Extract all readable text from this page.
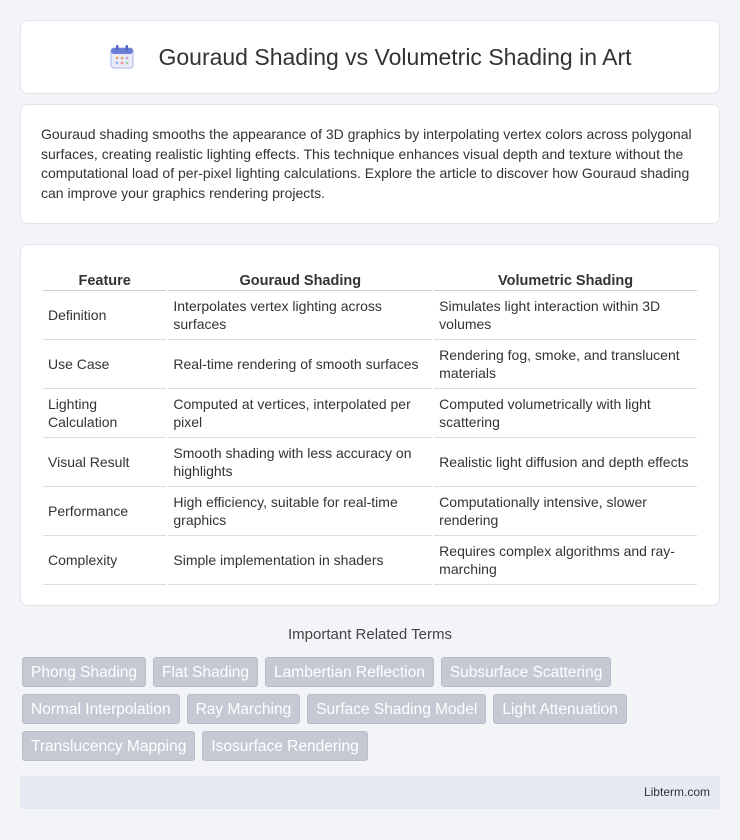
Gouraud Shading vs Volumetric Shading in Art

Gouraud shading smooths the appearance of 3D graphics by interpolating vertex colors across polygonal surfaces, creating realistic lighting effects. This technique enhances visual depth and texture without the computational load of per-pixel lighting calculations. Explore the article to discover how Gouraud shading can improve your graphics rendering projects.

Feature	Gouraud Shading	Volumetric Shading
Definition	Interpolates vertex lighting across surfaces	Simulates light interaction within 3D volumes
Use Case	Real-time rendering of smooth surfaces	Rendering fog, smoke, and translucent materials
Lighting Calculation	Computed at vertices, interpolated per pixel	Computed volumetrically with light scattering
Visual Result	Smooth shading with less accuracy on highlights	Realistic light diffusion and depth effects
Performance	High efficiency, suitable for real-time graphics	Computationally intensive, slower rendering
Complexity	Simple implementation in shaders	Requires complex algorithms and ray-marching
Important Related Terms
Phong Shading	Flat Shading	Lambertian Reflection	Subsurface Scattering
Normal Interpolation	Ray Marching	Surface Shading Model	Light Attenuation
Translucency Mapping	Isosurface Rendering
Libterm.com
